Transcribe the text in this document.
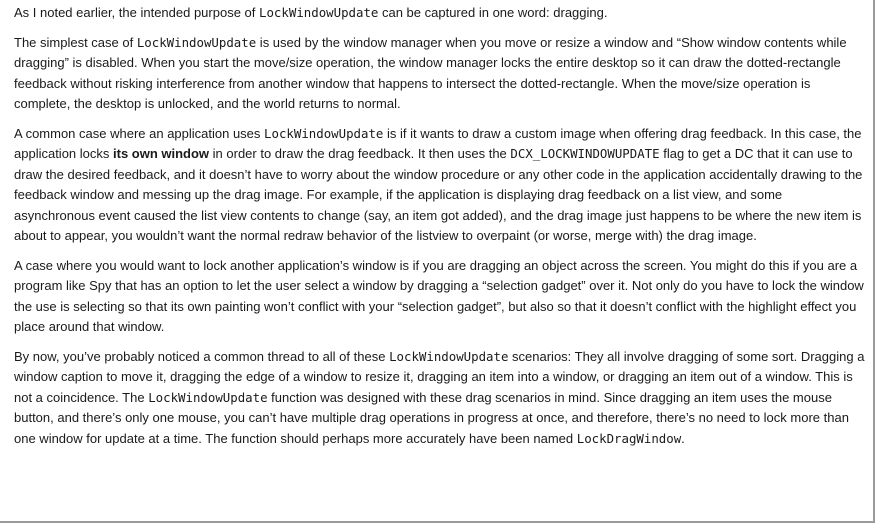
As I noted earlier, the intended purpose of LockWindowUpdate can be captured in one word: dragging.

The simplest case of LockWindowUpdate is used by the window manager when you move or resize a window and “Show window contents while dragging” is disabled. When you start the move/size operation, the window manager locks the entire desktop so it can draw the dotted-rectangle feedback without risking interference from another window that happens to intersect the dotted-rectangle. When the move/size operation is complete, the desktop is unlocked, and the world returns to normal.

A common case where an application uses LockWindowUpdate is if it wants to draw a custom image when offering drag feedback. In this case, the application locks its own window in order to draw the drag feedback. It then uses the DCX_LOCKWINDOWUPDATE flag to get a DC that it can use to draw the desired feedback, and it doesn’t have to worry about the window procedure or any other code in the application accidentally drawing to the feedback window and messing up the drag image. For example, if the application is displaying drag feedback on a list view, and some asynchronous event caused the list view contents to change (say, an item got added), and the drag image just happens to be where the new item is about to appear, you wouldn’t want the normal redraw behavior of the listview to overpaint (or worse, merge with) the drag image.

A case where you would want to lock another application’s window is if you are dragging an object across the screen. You might do this if you are a program like Spy that has an option to let the user select a window by dragging a “selection gadget” over it. Not only do you have to lock the window the use is selecting so that its own painting won’t conflict with your “selection gadget”, but also so that it doesn’t conflict with the highlight effect you place around that window.

By now, you’ve probably noticed a common thread to all of these LockWindowUpdate scenarios: They all involve dragging of some sort. Dragging a window caption to move it, dragging the edge of a window to resize it, dragging an item into a window, or dragging an item out of a window. This is not a coincidence. The LockWindowUpdate function was designed with these drag scenarios in mind. Since dragging an item uses the mouse button, and there’s only one mouse, you can’t have multiple drag operations in progress at once, and therefore, there’s no need to lock more than one window for update at a time. The function should perhaps more accurately have been named LockDragWindow.
